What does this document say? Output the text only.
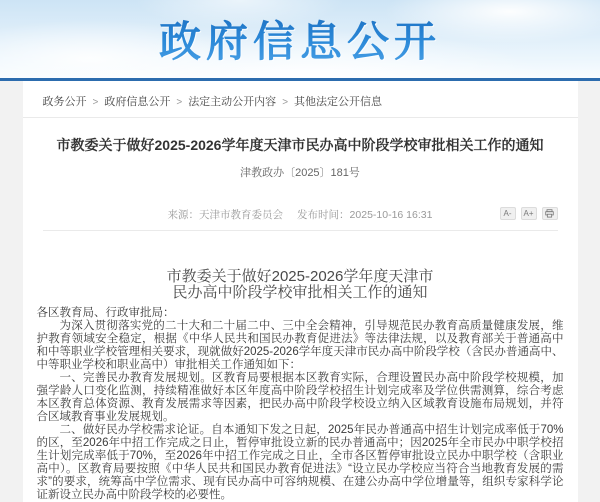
政府信息公开
政务公开 > 政府信息公开 > 法定主动公开内容 > 其他法定公开信息
市教委关于做好2025-2026学年度天津市民办高中阶段学校审批相关工作的通知
津教政办〔2025〕181号
来源：天津市教育委员会 发布时间：2025-10-16 16:31	A-	A+
市教委关于做好2025-2026学年度天津市
民办高中阶段学校审批相关工作的通知

各区教育局、行政审批局：

为深入贯彻落实党的二十大和二十届二中、三中全会精神，引导规范民办教育高质量健康发展，维护教育领域安全稳定，根据《中华人民共和国民办教育促进法》等法律法规，以及教育部关于普通高中和中等职业学校管理相关要求，现就做好2025-2026学年度天津市民办高中阶段学校（含民办普通高中、中等职业学校和职业高中）审批相关工作通知如下：

一、完善民办教育发展规划。区教育局要根据本区教育实际，合理设置民办高中阶段学校规模，加强学龄人口变化监测，持续精准做好本区年度高中阶段学校招生计划完成率及学位供需测算，综合考虑本区教育总体资源、教育发展需求等因素，把民办高中阶段学校设立纳入区域教育设施布局规划，并符合区域教育事业发展规划。

二、做好民办学校需求论证。自本通知下发之日起，2025年民办普通高中招生计划完成率低于70%的区，至2026年中招工作完成之日止，暂停审批设立新的民办普通高中；因2025年全市民办中职学校招生计划完成率低于70%，至2026年中招工作完成之日止，全市各区暂停审批设立民办中职学校（含职业高中）。区教育局要按照《中华人民共和国民办教育促进法》“设立民办学校应当符合当地教育发展的需求”的要求，统筹高中学位需求、现有民办高中可容纳规模、在建公办高中学位增量等，组织专家科学论证新设立民办高中阶段学校的必要性。
